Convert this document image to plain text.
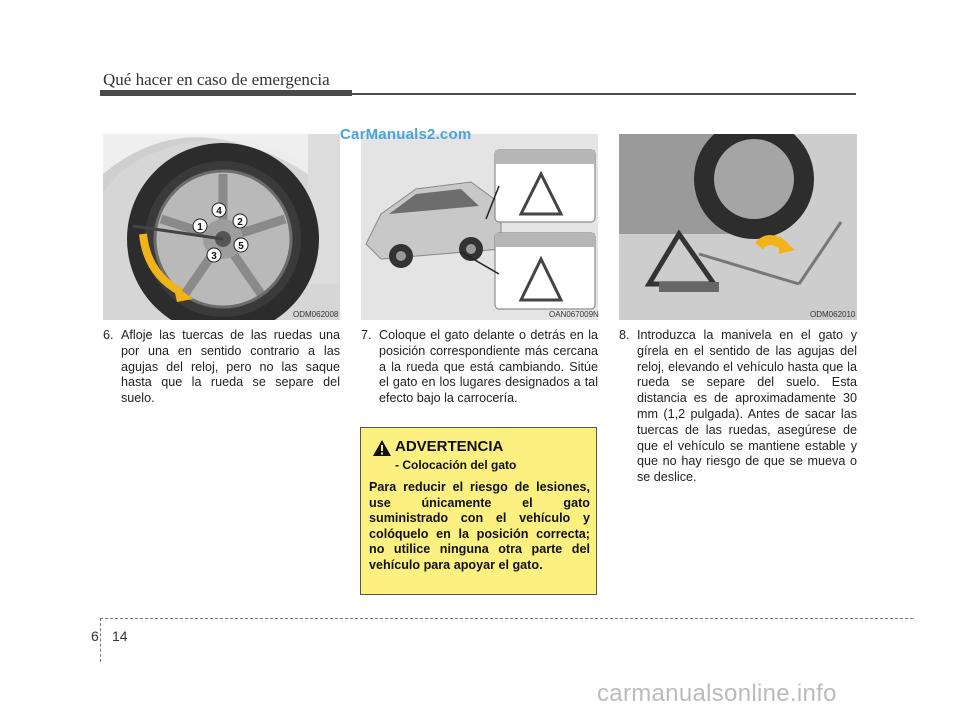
Qué hacer en caso de emergencia
1	2
3
4
5
ODM062008	OAN067009N	ODM062010
CarManuals2.com
6. Afloje las tuercas de las ruedas una por una en sentido contrario a las agujas del reloj, pero no las saque hasta que la rueda se separe del suelo.
7. Coloque el gato delante o detrás en la posición correspondiente más cercana a la rueda que está cambiando. Sitúe el gato en los lugares designados a tal efecto bajo la carrocería.
8. Introduzca la manivela en el gato y gírela en el sentido de las agujas del reloj, elevando el vehículo hasta que la rueda se separe del suelo. Esta distancia es de aproximadamente 30 mm (1,2 pulgada). Antes de sacar las tuercas de las ruedas, asegúrese de que el vehículo se mantiene estable y que no hay riesgo de que se mueva o se deslice.
ADVERTENCIA
- Colocación del gato
Para reducir el riesgo de lesiones, use únicamente el gato suministrado con el vehículo y colóquelo en la posición correcta; no utilice ninguna otra parte del vehículo para apoyar el gato.
6 14
carmanualsonline.info
